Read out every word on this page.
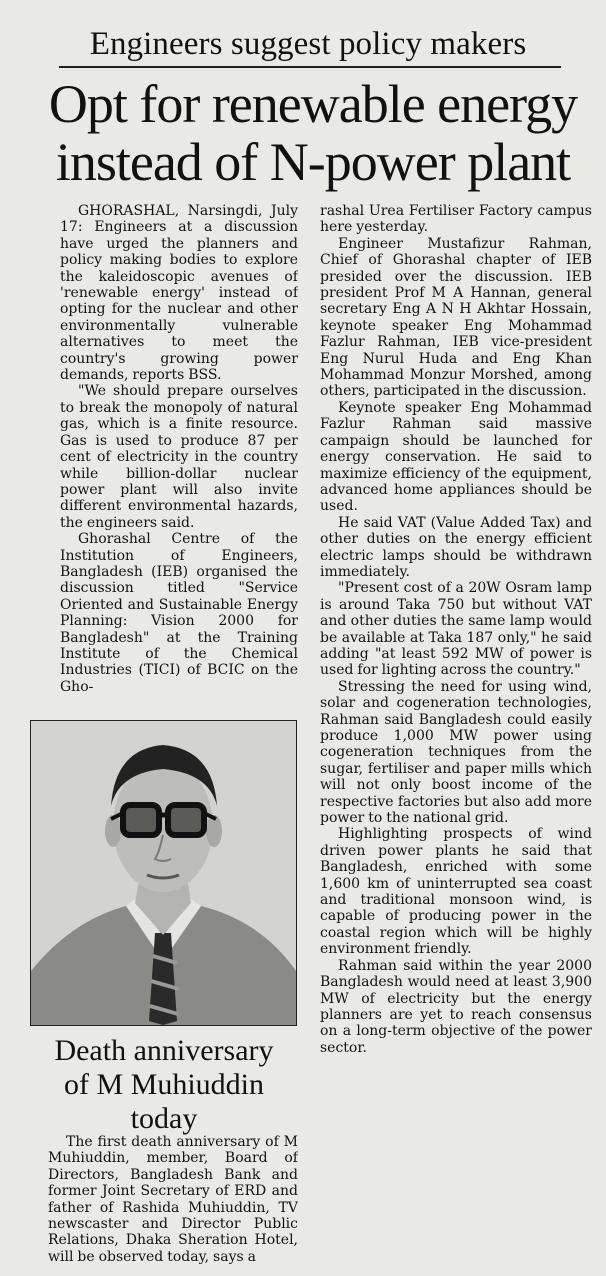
Engineers suggest policy makers
Opt for renewable energy
instead of N-power plant

GHORASHAL, Narsingdi, July 17: Engineers at a discussion have urged the planners and policy making bodies to explore the kaleidoscopic avenues of 'renewable energy' instead of opting for the nuclear and other environmentally vulnerable alternatives to meet the country's growing power demands, reports BSS.

"We should prepare ourselves to break the monopoly of natural gas, which is a finite resource. Gas is used to produce 87 per cent of electricity in the country while billion-dollar nuclear power plant will also invite different environmental hazards, the engineers said.

Ghorashal Centre of the Institution of Engineers, Bangladesh (IEB) organised the discussion titled "Service Oriented and Sustainable Energy Planning: Vision 2000 for Bangladesh" at the Training Institute of the Chemical Industries (TICI) of BCIC on the Gho-

rashal Urea Fertiliser Factory campus here yesterday.

Engineer Mustafizur Rahman, Chief of Ghorashal chapter of IEB presided over the discussion. IEB president Prof M A Hannan, general secretary Eng A N H Akhtar Hossain, keynote speaker Eng Mohammad Fazlur Rahman, IEB vice-president Eng Nurul Huda and Eng Khan Mohammad Monzur Morshed, among others, participated in the discussion.

Keynote speaker Eng Mohammad Fazlur Rahman said massive campaign should be launched for energy conservation. He said to maximize efficiency of the equipment, advanced home appliances should be used.

He said VAT (Value Added Tax) and other duties on the energy efficient electric lamps should be withdrawn immediately.

"Present cost of a 20W Osram lamp is around Taka 750 but without VAT and other duties the same lamp would be available at Taka 187 only," he said adding "at least 592 MW of power is used for lighting across the country."

Stressing the need for using wind, solar and cogeneration technologies, Rahman said Bangladesh could easily produce 1,000 MW power using cogeneration techniques from the sugar, fertiliser and paper mills which will not only boost income of the respective factories but also add more power to the national grid.

Highlighting prospects of wind driven power plants he said that Bangladesh, enriched with some 1,600 km of uninterrupted sea coast and traditional monsoon wind, is capable of producing power in the coastal region which will be highly environment friendly.

Rahman said within the year 2000 Bangladesh would need at least 3,900 MW of electricity but the energy planners are yet to reach consensus on a long-term objective of the power sector.

Death anniversary
of M Muhiuddin
today

The first death anniversary of M Muhiuddin, member, Board of Directors, Bangladesh Bank and former Joint Secretary of ERD and father of Rashida Muhiuddin, TV newscaster and Director Public Relations, Dhaka Sheration Hotel, will be observed today, says a
